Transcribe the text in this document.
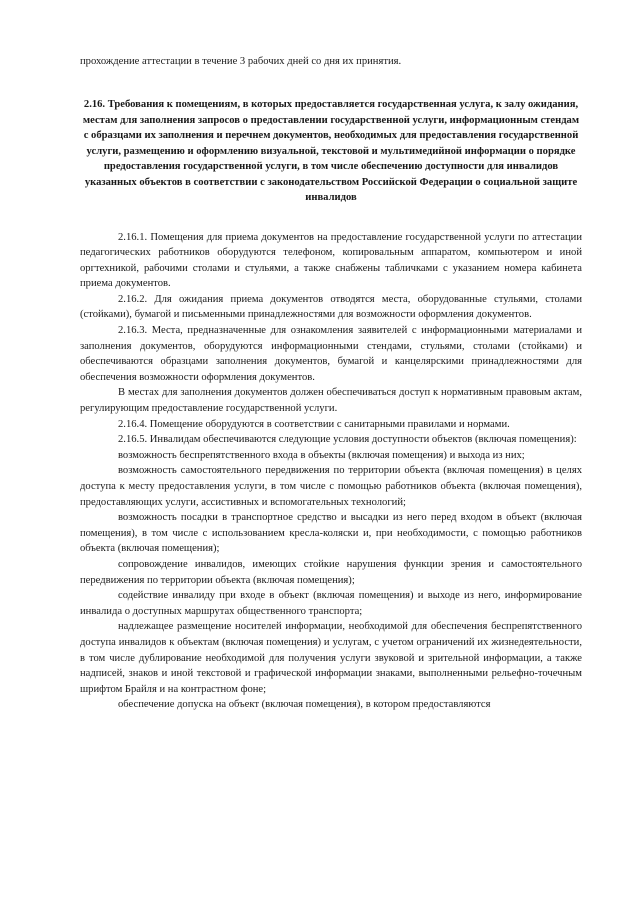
прохождение аттестации в течение 3 рабочих дней со дня их принятия.

2.16. Требования к помещениям, в которых предоставляется государственная услуга, к залу ожидания, местам для заполнения запросов о предоставлении государственной услуги, информационным стендам с образцами их заполнения и перечнем документов, необходимых для предоставления государственной услуги, размещению и оформлению визуальной, текстовой и мультимедийной информации о порядке предоставления государственной услуги, в том числе обеспечению доступности для инвалидов указанных объектов в соответствии с законодательством Российской Федерации о социальной защите инвалидов

2.16.1. Помещения для приема документов на предоставление государственной услуги по аттестации педагогических работников оборудуются телефоном, копировальным аппаратом, компьютером и иной оргтехникой, рабочими столами и стульями, а также снабжены табличками с указанием номера кабинета приема документов.

2.16.2. Для ожидания приема документов отводятся места, оборудованные стульями, столами (стойками), бумагой и письменными принадлежностями для возможности оформления документов.

2.16.3. Места, предназначенные для ознакомления заявителей с информационными материалами и заполнения документов, оборудуются информационными стендами, стульями, столами (стойками) и обеспечиваются образцами заполнения документов, бумагой и канцелярскими принадлежностями для обеспечения возможности оформления документов.

В местах для заполнения документов должен обеспечиваться доступ к нормативным правовым актам, регулирующим предоставление государственной услуги.

2.16.4. Помещение оборудуются в соответствии с санитарными правилами и нормами.

2.16.5. Инвалидам обеспечиваются следующие условия доступности объектов (включая помещения):

возможность беспрепятственного входа в объекты (включая помещения) и выхода из них;

возможность самостоятельного передвижения по территории объекта (включая помещения) в целях доступа к месту предоставления услуги, в том числе с помощью работников объекта (включая помещения), предоставляющих услуги, ассистивных и вспомогательных технологий;

возможность посадки в транспортное средство и высадки из него перед входом в объект (включая помещения), в том числе с использованием кресла-коляски и, при необходимости, с помощью работников объекта (включая помещения);

сопровождение инвалидов, имеющих стойкие нарушения функции зрения и самостоятельного передвижения по территории объекта (включая помещения);

содействие инвалиду при входе в объект (включая помещения) и выходе из него, информирование инвалида о доступных маршрутах общественного транспорта;

надлежащее размещение носителей информации, необходимой для обеспечения беспрепятственного доступа инвалидов к объектам (включая помещения) и услугам, с учетом ограничений их жизнедеятельности, в том числе дублирование необходимой для получения услуги звуковой и зрительной информации, а также надписей, знаков и иной текстовой и графической информации знаками, выполненными рельефно-точечным шрифтом Брайля и на контрастном фоне;

обеспечение допуска на объект (включая помещения), в котором предоставляются
